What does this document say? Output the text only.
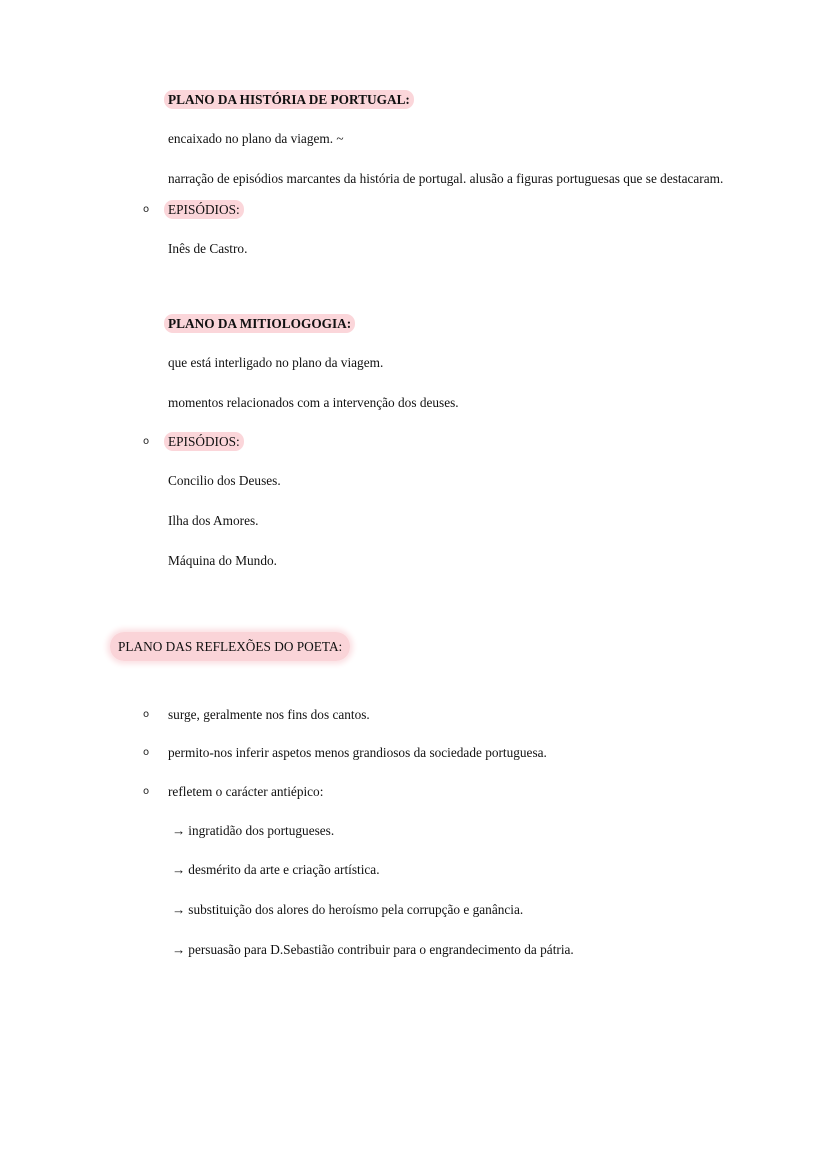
PLANO DA HISTÓRIA DE PORTUGAL:
encaixado no plano da viagem. ~
narração de episódios marcantes da história de portugal. alusão a figuras portuguesas que se destacaram.
o EPISÓDIOS:
Inês de Castro.
PLANO DA MITIOLOGOGIA:
que está interligado no plano da viagem.
momentos relacionados com a intervenção dos deuses.
o EPISÓDIOS:
Concilio dos Deuses.
Ilha dos Amores.
Máquina do Mundo.
PLANO DAS REFLEXÕES DO POETA:
o surge, geralmente nos fins dos cantos.
o permito-nos inferir aspetos menos grandiosos da sociedade portuguesa.
o refletem o carácter antiépico:
→ ingratidão dos portugueses.
→ desmérito da arte e criação artística.
→ substituição dos alores do heroísmo pela corrupção e ganância.
→ persuasão para D.Sebastião contribuir para o engrandecimento da pátria.
